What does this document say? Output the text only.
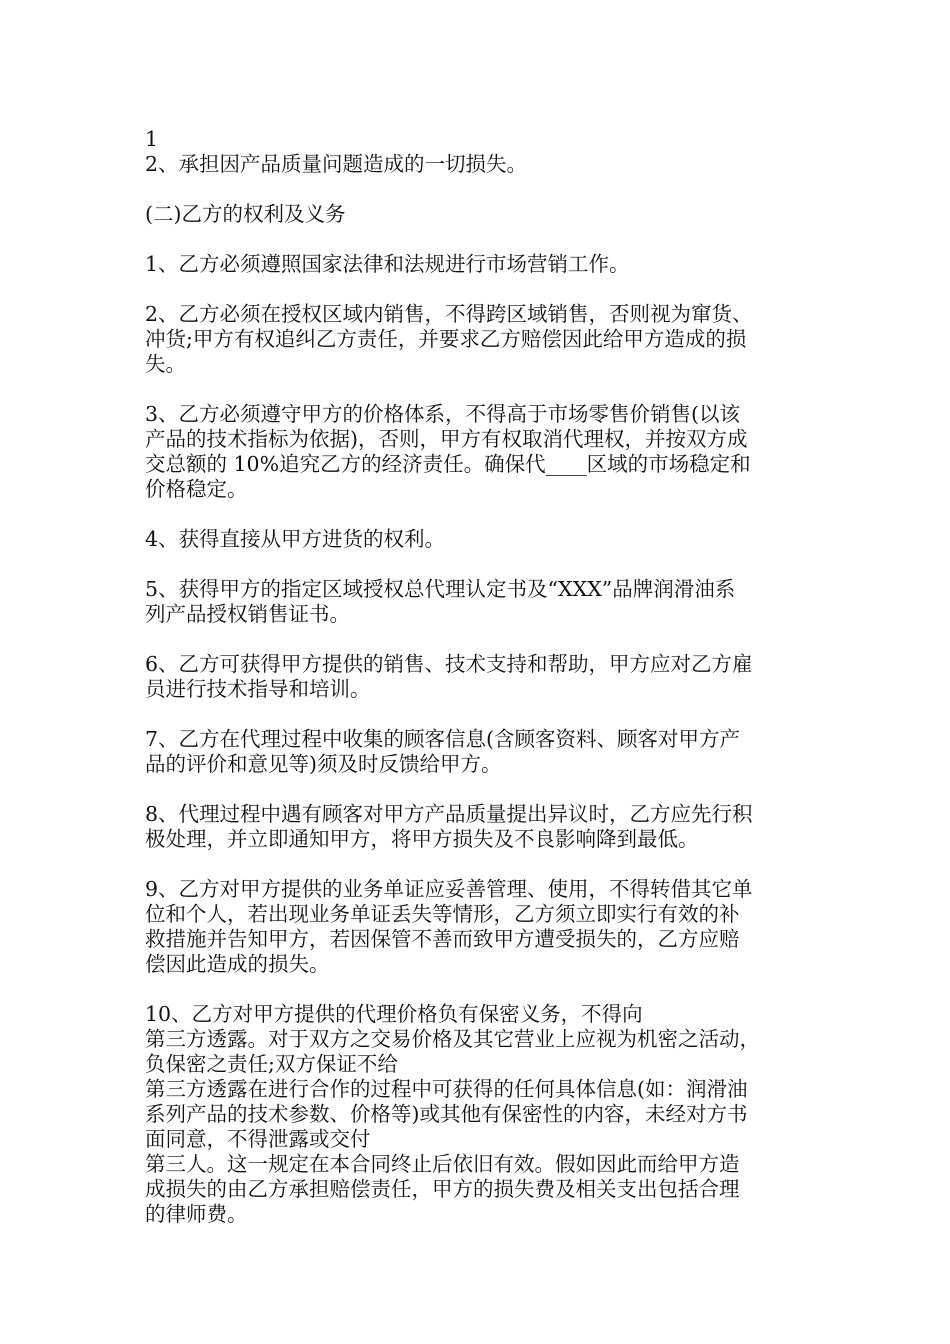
1
2、承担因产品质量问题造成的一切损失。
(二)乙方的权利及义务
1、乙方必须遵照国家法律和法规进行市场营销工作。
2、乙方必须在授权区域内销售，不得跨区域销售，否则视为窜货、
冲货;甲方有权追纠乙方责任，并要求乙方赔偿因此给甲方造成的损
失。
3、乙方必须遵守甲方的价格体系，不得高于市场零售价销售(以该
产品的技术指标为依据)，否则，甲方有权取消代理权，并按双方成
交总额的 10%追究乙方的经济责任。确保代____区域的市场稳定和
价格稳定。
4、获得直接从甲方进货的权利。
5、获得甲方的指定区域授权总代理认定书及“XXX”品牌润滑油系
列产品授权销售证书。
6、乙方可获得甲方提供的销售、技术支持和帮助，甲方应对乙方雇
员进行技术指导和培训。
7、乙方在代理过程中收集的顾客信息(含顾客资料、顾客对甲方产
品的评价和意见等)须及时反馈给甲方。
8、代理过程中遇有顾客对甲方产品质量提出异议时，乙方应先行积
极处理，并立即通知甲方，将甲方损失及不良影响降到最低。
9、乙方对甲方提供的业务单证应妥善管理、使用，不得转借其它单
位和个人，若出现业务单证丢失等情形，乙方须立即实行有效的补
救措施并告知甲方，若因保管不善而致甲方遭受损失的，乙方应赔
偿因此造成的损失。
10、乙方对甲方提供的代理价格负有保密义务，不得向
第三方透露。对于双方之交易价格及其它营业上应视为机密之活动，
负保密之责任;双方保证不给
第三方透露在进行合作的过程中可获得的任何具体信息(如：润滑油
系列产品的技术参数、价格等)或其他有保密性的内容，未经对方书
面同意，不得泄露或交付
第三人。这一规定在本合同终止后依旧有效。假如因此而给甲方造
成损失的由乙方承担赔偿责任，甲方的损失费及相关支出包括合理
的律师费。
